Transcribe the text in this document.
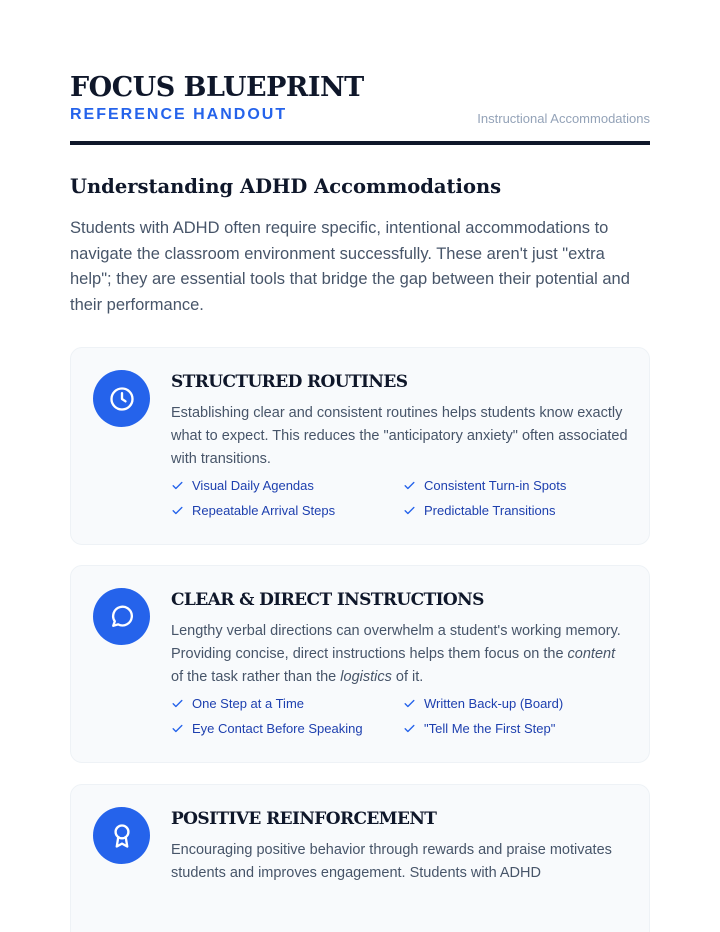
FOCUS BLUEPRINT
REFERENCE HANDOUT	Instructional Accommodations
Understanding ADHD Accommodations

Students with ADHD often require specific, intentional accommodations to navigate the classroom environment successfully. These aren't just "extra help"; they are essential tools that bridge the gap between their potential and their performance.

STRUCTURED ROUTINES
Establishing clear and consistent routines helps students know exactly what to expect. This reduces the "anticipatory anxiety" often associated with transitions.
Visual Daily Agendas	Consistent Turn-in Spots
Repeatable Arrival Steps	Predictable Transitions
CLEAR & DIRECT INSTRUCTIONS
Lengthy verbal directions can overwhelm a student's working memory. Providing concise, direct instructions helps them focus on the content of the task rather than the logistics of it.
One Step at a Time	Written Back-up (Board)
Eye Contact Before Speaking	"Tell Me the First Step"
POSITIVE REINFORCEMENT
Encouraging positive behavior through rewards and praise motivates students and improves engagement. Students with ADHD
